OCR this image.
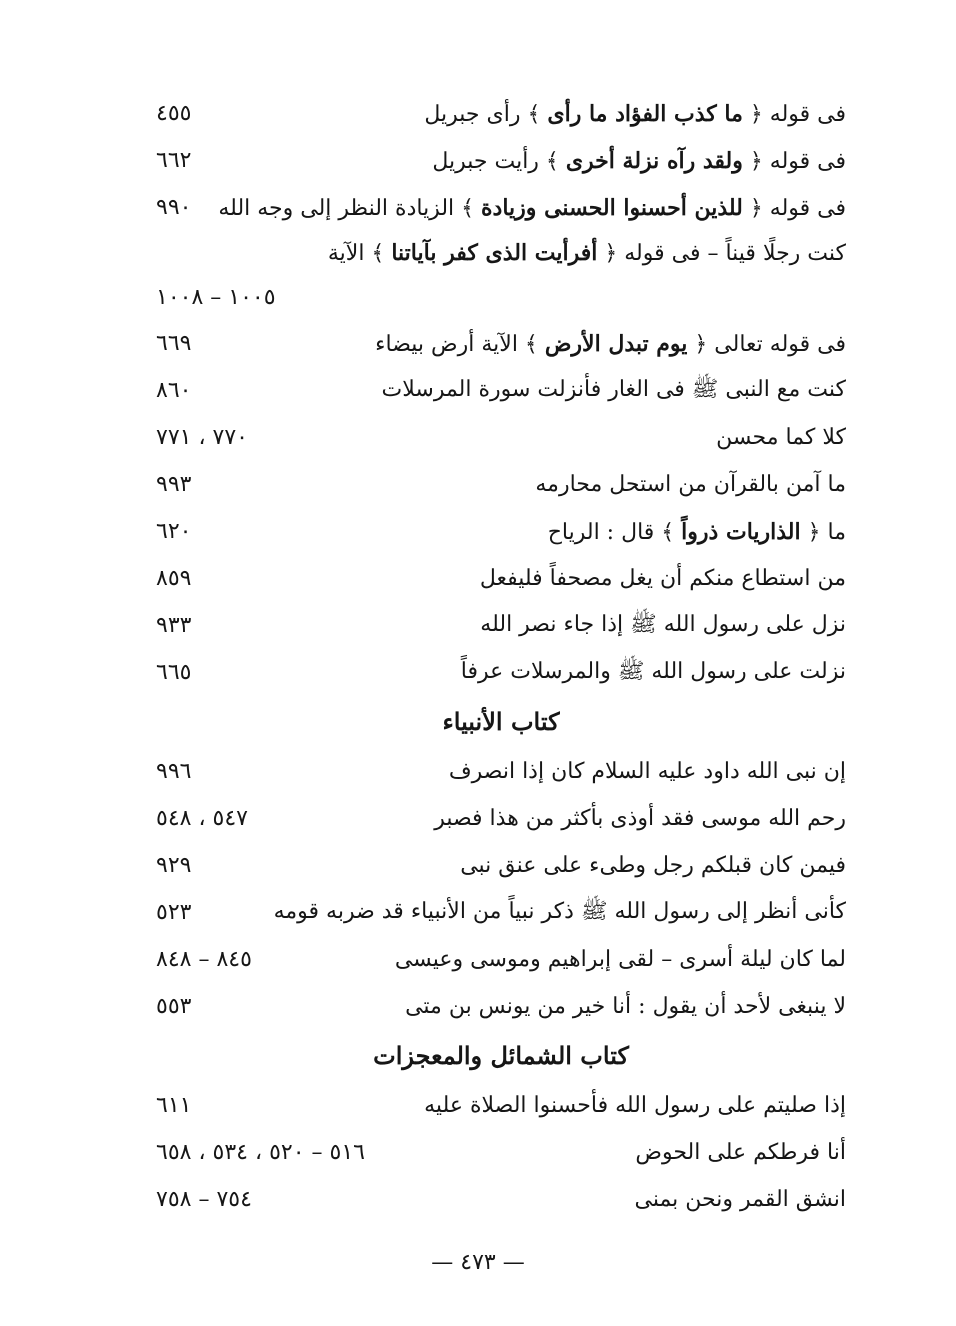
فى قوله ﴿ ما كذب الفؤاد ما رأى ﴾ رأى جبريل
٤٥٥
فى قوله ﴿ ولقد رآه نزلة أخرى ﴾ رأيت جبريل
٦٦٢
فى قوله ﴿ للذين أحسنوا الحسنى وزيادة ﴾ الزيادة النظر إلى وجه الله
٩٩٠
كنت رجلًا قيناً – فى قوله ﴿ أفرأيت الذى كفر بآياتنا ﴾ الآية
١٠٠٥ – ١٠٠٨
فى قوله تعالى ﴿ يوم تبدل الأرض ﴾ الآية أرض بيضاء
٦٦٩
كنت مع النبى ﷺ فى الغار فأنزلت سورة المرسلات
٨٦٠
كلا كما محسن
٧٧٠ ، ٧٧١
ما آمن بالقرآن من استحل محارمه
٩٩٣
ما ﴿ الذاريات ذرواً ﴾ قال : الرياح
٦٢٠
من استطاع منكم أن يغل مصحفاً فليفعل
٨٥٩
نزل على رسول الله ﷺ إذا جاء نصر الله
٩٣٣
نزلت على رسول الله ﷺ والمرسلات عرفاً
٦٦٥
كتاب الأنبياء
إن نبى الله داود عليه السلام كان إذا انصرف
٩٩٦
رحم الله موسى فقد أوذى بأكثر من هذا فصبر
٥٤٧ ، ٥٤٨
فيمن كان قبلكم رجل وطىء على عنق نبى
٩٢٩
كأنى أنظر إلى رسول الله ﷺ ذكر نبياً من الأنبياء قد ضربه قومه
٥٢٣
لما كان ليلة أسرى – لقى إبراهيم وموسى وعيسى
٨٤٥ – ٨٤٨
لا ينبغى لأحد أن يقول : أنا خير من يونس بن متى
٥٥٣
كتاب الشمائل والمعجزات
إذا صليتم على رسول الله فأحسنوا الصلاة عليه
٦١١
أنا فرطكم على الحوض
٥١٦ – ٥٢٠ ، ٥٣٤ ، ٦٥٨
انشق القمر ونحن بمنى
٧٥٤ – ٧٥٨
— ٤٧٣ —
